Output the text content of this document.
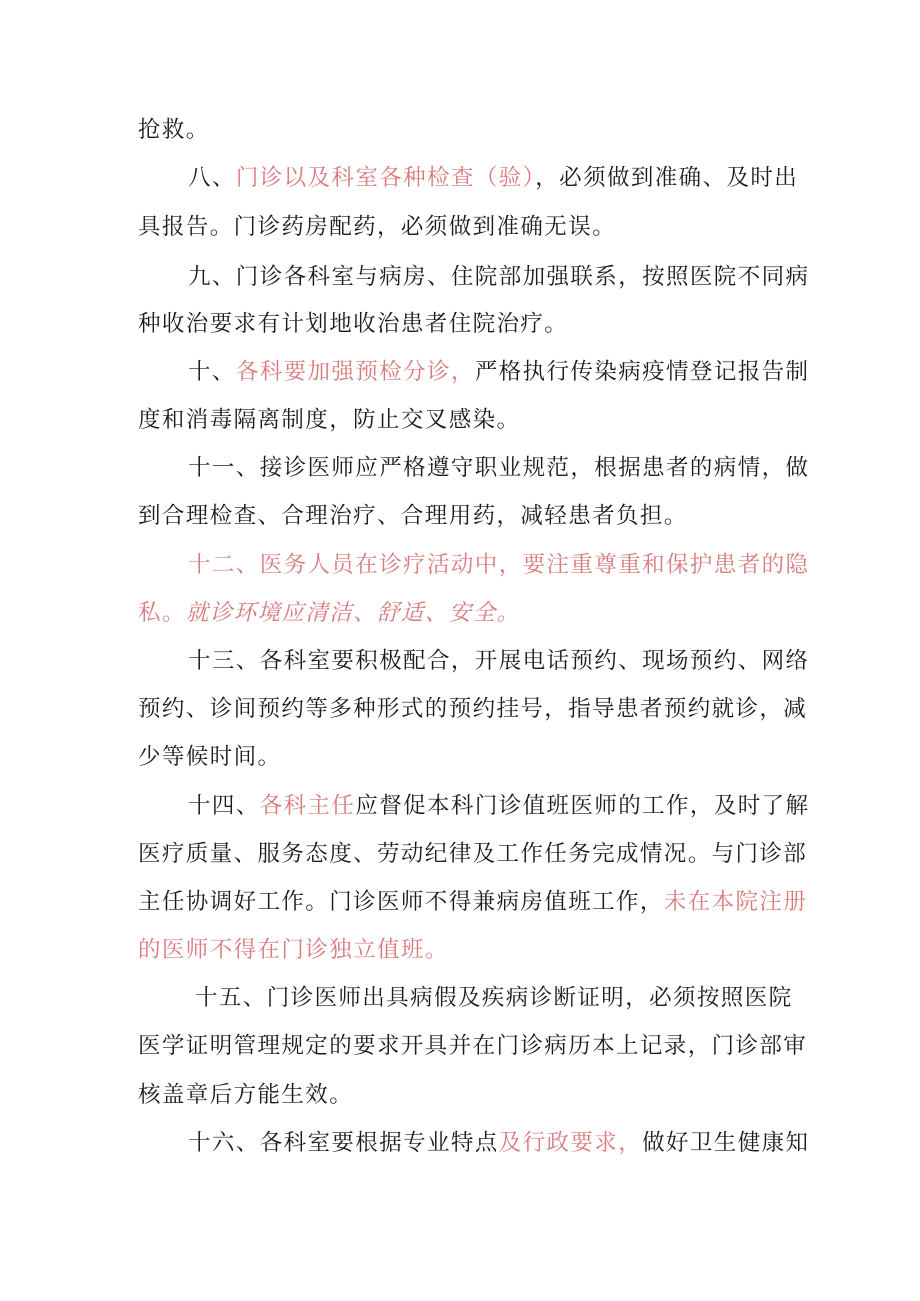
抢救。
八、门诊以及科室各种检查（验），必须做到准确、及时出
具报告。门诊药房配药，必须做到准确无误。
九、门诊各科室与病房、住院部加强联系，按照医院不同病
种收治要求有计划地收治患者住院治疗。
十、各科要加强预检分诊，严格执行传染病疫情登记报告制
度和消毒隔离制度，防止交叉感染。
十一、接诊医师应严格遵守职业规范，根据患者的病情，做
到合理检查、合理治疗、合理用药，减轻患者负担。
十二、医务人员在诊疗活动中，要注重尊重和保护患者的隐
私。就诊环境应清洁、舒适、安全。
十三、各科室要积极配合，开展电话预约、现场预约、网络
预约、诊间预约等多种形式的预约挂号，指导患者预约就诊，减
少等候时间。
十四、各科主任应督促本科门诊值班医师的工作，及时了解
医疗质量、服务态度、劳动纪律及工作任务完成情况。与门诊部
主任协调好工作。门诊医师不得兼病房值班工作，未在本院注册
的医师不得在门诊独立值班。
十五、门诊医师出具病假及疾病诊断证明，必须按照医院
医学证明管理规定的要求开具并在门诊病历本上记录，门诊部审
核盖章后方能生效。
十六、各科室要根据专业特点及行政要求，做好卫生健康知
